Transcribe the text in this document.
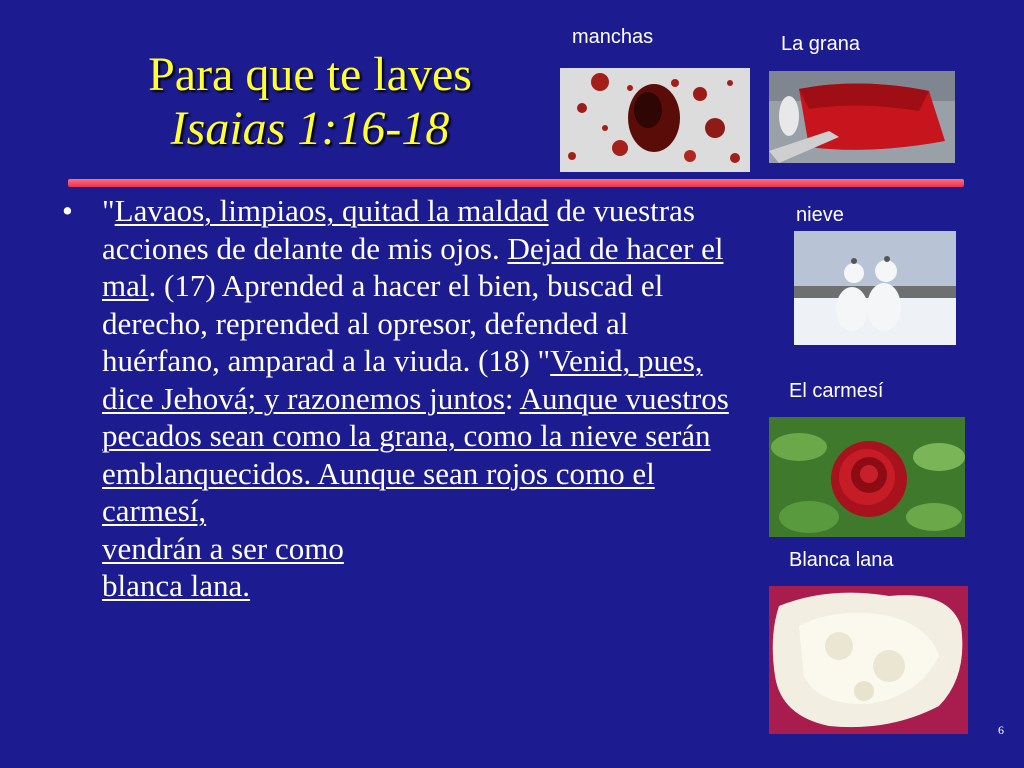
Para que te laves
Isaias 1:16-18
• "Lavaos, limpiaos, quitad la maldad de vuestras acciones de delante de mis ojos. Dejad de hacer el mal. (17) Aprended a hacer el bien, buscad el derecho, reprended al opresor, defended al huérfano, amparad a la viuda. (18) "Venid, pues, dice Jehová; y razonemos juntos: Aunque vuestros pecados sean como la grana, como la nieve serán emblanquecidos. Aunque sean rojos como el carmesí,
vendrán a ser como
blanca lana.
manchas	La grana
nieve
El carmesí
Blanca lana
6
